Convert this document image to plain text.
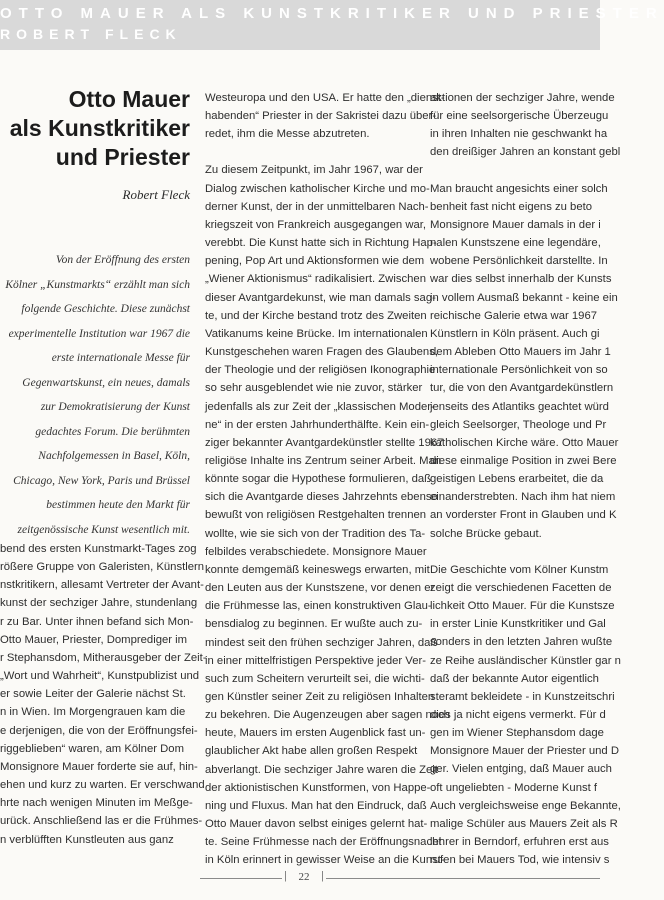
OTTO MAUER ALS KUNSTKRITIKER UND PRIESTER
ROBERT FLECK
Otto Mauer
als Kunstkritiker
und Priester
Robert Fleck
Von der Eröffnung des ersten
Kölner „Kunstmarkts“ erzählt man sich
folgende Geschichte. Diese zunächst
experimentelle Institution war 1967 die
erste internationale Messe für
Gegenwartskunst, ein neues, damals
zur Demokratisierung der Kunst
gedachtes Forum. Die berühmten
Nachfolgemessen in Basel, Köln,
Chicago, New York, Paris und Brüssel
bestimmen heute den Markt für
zeitgenössische Kunst wesentlich mit.
bend des ersten Kunstmarkt-Tages zog
rößere Gruppe von Galeristen, Künstlern
nstkritikern, allesamt Vertreter der Avant-
kunst der sechziger Jahre, stundenlang
r zu Bar. Unter ihnen befand sich Mon-
Otto Mauer, Priester, Domprediger im
r Stephansdom, Mitherausgeber der Zeit-
„Wort und Wahrheit“, Kunstpublizist und
er sowie Leiter der Galerie nächst St.
n in Wien. Im Morgengrauen kam die
e derjenigen, die von der Eröffnungsfei-
riggeblieben“ waren, am Kölner Dom
Monsignore Mauer forderte sie auf, hin-
ehen und kurz zu warten. Er verschwand
hrte nach wenigen Minuten im Meßge-
urück. Anschließend las er die Frühmes-
n verblüfften Kunstleuten aus ganz
Westeuropa und den USA. Er hatte den „dienst-
habenden“ Priester in der Sakristei dazu über-
redet, ihm die Messe abzutreten.
Zu diesem Zeitpunkt, im Jahr 1967, war der
Dialog zwischen katholischer Kirche und mo-
derner Kunst, der in der unmittelbaren Nach-
kriegszeit von Frankreich ausgegangen war,
verebbt. Die Kunst hatte sich in Richtung Hap-
pening, Pop Art und Aktionsformen wie dem
„Wiener Aktionismus“ radikalisiert. Zwischen
dieser Avantgardekunst, wie man damals sag-
te, und der Kirche bestand trotz des Zweiten
Vatikanums keine Brücke. Im internationalen
Kunstgeschehen waren Fragen des Glaubens,
der Theologie und der religiösen Ikonographie
so sehr ausgeblendet wie nie zuvor, stärker
jedenfalls als zur Zeit der „klassischen Moder-
ne“ in der ersten Jahrhunderthälfte. Kein ein-
ziger bekannter Avantgardekünstler stellte 1967
religiöse Inhalte ins Zentrum seiner Arbeit. Man
könnte sogar die Hypothese formulieren, daß
sich die Avantgarde dieses Jahrzehnts ebenso
bewußt von religiösen Restgehalten trennen
wollte, wie sie sich von der Tradition des Ta-
felbildes verabschiedete. Monsignore Mauer
konnte demgemäß keineswegs erwarten, mit
den Leuten aus der Kunstszene, vor denen er
die Frühmesse las, einen konstruktiven Glau-
bensdialog zu beginnen. Er wußte auch zu-
mindest seit den frühen sechziger Jahren, daß
in einer mittelfristigen Perspektive jeder Ver-
such zum Scheitern verurteilt sei, die wichti-
gen Künstler seiner Zeit zu religiösen Inhalten
zu bekehren. Die Augenzeugen aber sagen noch
heute, Mauers im ersten Augenblick fast un-
glaublicher Akt habe allen großen Respekt
abverlangt. Die sechziger Jahre waren die Zeit
der aktionistischen Kunstformen, von Happe-
ning und Fluxus. Man hat den Eindruck, daß
Otto Mauer davon selbst einiges gelernt hat-
te. Seine Frühmesse nach der Eröffnungsnacht
in Köln erinnert in gewisser Weise an die Kunst-
aktionen der sechziger Jahre, wende
für eine seelsorgerische Überzeugu
in ihren Inhalten nie geschwankt ha
den dreißiger Jahren an konstant gebl
Man braucht angesichts einer solch
benheit fast nicht eigens zu beto
Monsignore Mauer damals in der i
nalen Kunstszene eine legendäre,
wobene Persönlichkeit darstellte. In
war dies selbst innerhalb der Kunsts
in vollem Ausmaß bekannt - keine ein
reichische Galerie etwa war 1967
Künstlern in Köln präsent. Auch gi
dem Ableben Otto Mauers im Jahr 1
internationale Persönlichkeit von so
tur, die von den Avantgardekünstlern
jenseits des Atlantiks geachtet würd
gleich Seelsorger, Theologe und Pr
katholischen Kirche wäre. Otto Mauer
diese einmalige Position in zwei Bere
geistigen Lebens erarbeitet, die da
einanderstrebten. Nach ihm hat niem
an vorderster Front in Glauben und K
solche Brücke gebaut.
Die Geschichte vom Kölner Kunstm
zeigt die verschiedenen Facetten de
lichkeit Otto Mauer. Für die Kunstsze
in erster Linie Kunstkritiker und Gal
sonders in den letzten Jahren wußte
ze Reihe ausländischer Künstler gar n
daß der bekannte Autor eigentlich
steramt bekleidete - in Kunstzeitschri
dies ja nicht eigens vermerkt. Für d
gen im Wiener Stephansdom dage
Monsignore Mauer der Priester und D
ger. Vielen entging, daß Mauer auch
oft ungeliebten - Moderne Kunst f
Auch vergleichsweise enge Bekannte,
malige Schüler aus Mauers Zeit als R
lehrer in Berndorf, erfuhren erst aus
rufen bei Mauers Tod, wie intensiv s
|	22	|
